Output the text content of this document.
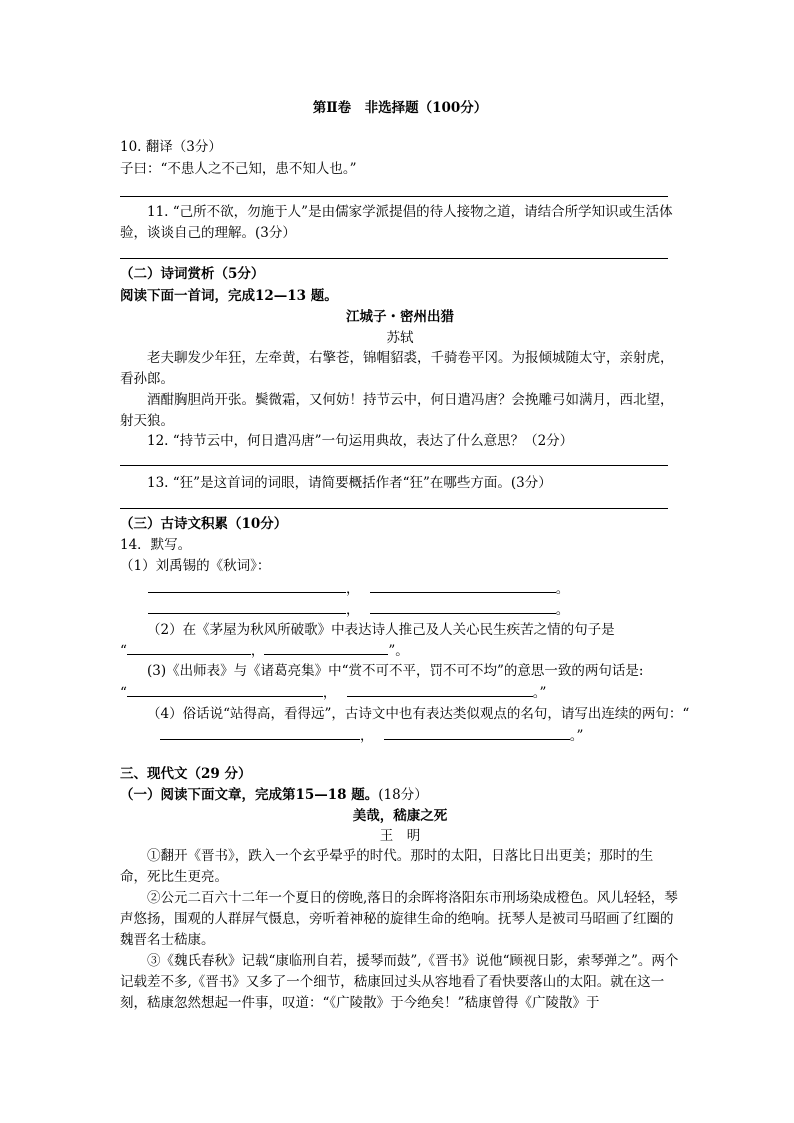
第Ⅱ卷　非选择题（100分）
10. 翻译（3分）
子曰：“不患人之不己知，患不知人也。”
11. “己所不欲，勿施于人”是由儒家学派提倡的待人接物之道，请结合所学知识或生活体验，谈谈自己的理解。(3分）
（二）诗词赏析（5分）
阅读下面一首词，完成12—13 题。
江城子・密州出猎
苏轼
老夫聊发少年狂，左牵黄，右擎苍，锦帽貂裘，千骑卷平冈。为报倾城随太守，亲射虎，看孙郎。
酒酣胸胆尚开张。鬓微霜，又何妨！持节云中，何日遣冯唐？会挽雕弓如满月，西北望，射天狼。
12. “持节云中，何日遣冯唐”一句运用典故，表达了什么意思？（2分）
13. “狂”是这首词的词眼，请简要概括作者“狂”在哪些方面。(3分）
（三）古诗文积累（10分）
14．默写。
（1）刘禹锡的《秋词》：
，	。
，	。
（2）在《茅屋为秋风所破歌》中表达诗人推己及人关心民生疾苦之情的句子是
“	，	”。
(3)《出师表》与《诸葛亮集》中“赏不可不平，罚不可不均”的意思一致的两句话是:
“	，	。”
（4）俗话说“站得高，看得远”，古诗文中也有表达类似观点的名句，请写出连续的两句：“
，	。”
三、现代文（29 分）
（一）阅读下面文章，完成第15—18 题。(18分）
美哉，嵇康之死
王　明
①翻开《晋书》，跌入一个玄乎晕乎的时代。那时的太阳，日落比日出更美；那时的生命，死比生更亮。
②公元二百六十二年一个夏日的傍晚,落日的余晖将洛阳东市刑场染成橙色。风儿轻轻，琴声悠扬，围观的人群屏气慑息，旁听着神秘的旋律生命的绝响。抚琴人是被司马昭画了红圈的魏晋名士嵇康。
③《魏氏春秋》记载“康临刑自若，援琴而鼓”,《晋书》说他“顾视日影，索琴弹之”。两个记载差不多,《晋书》又多了一个细节，嵇康回过头从容地看了看快要落山的太阳。就在这一刻，嵇康忽然想起一件事，叹道：“《广陵散》于今绝矣！”嵇康曾得《广陵散》于
